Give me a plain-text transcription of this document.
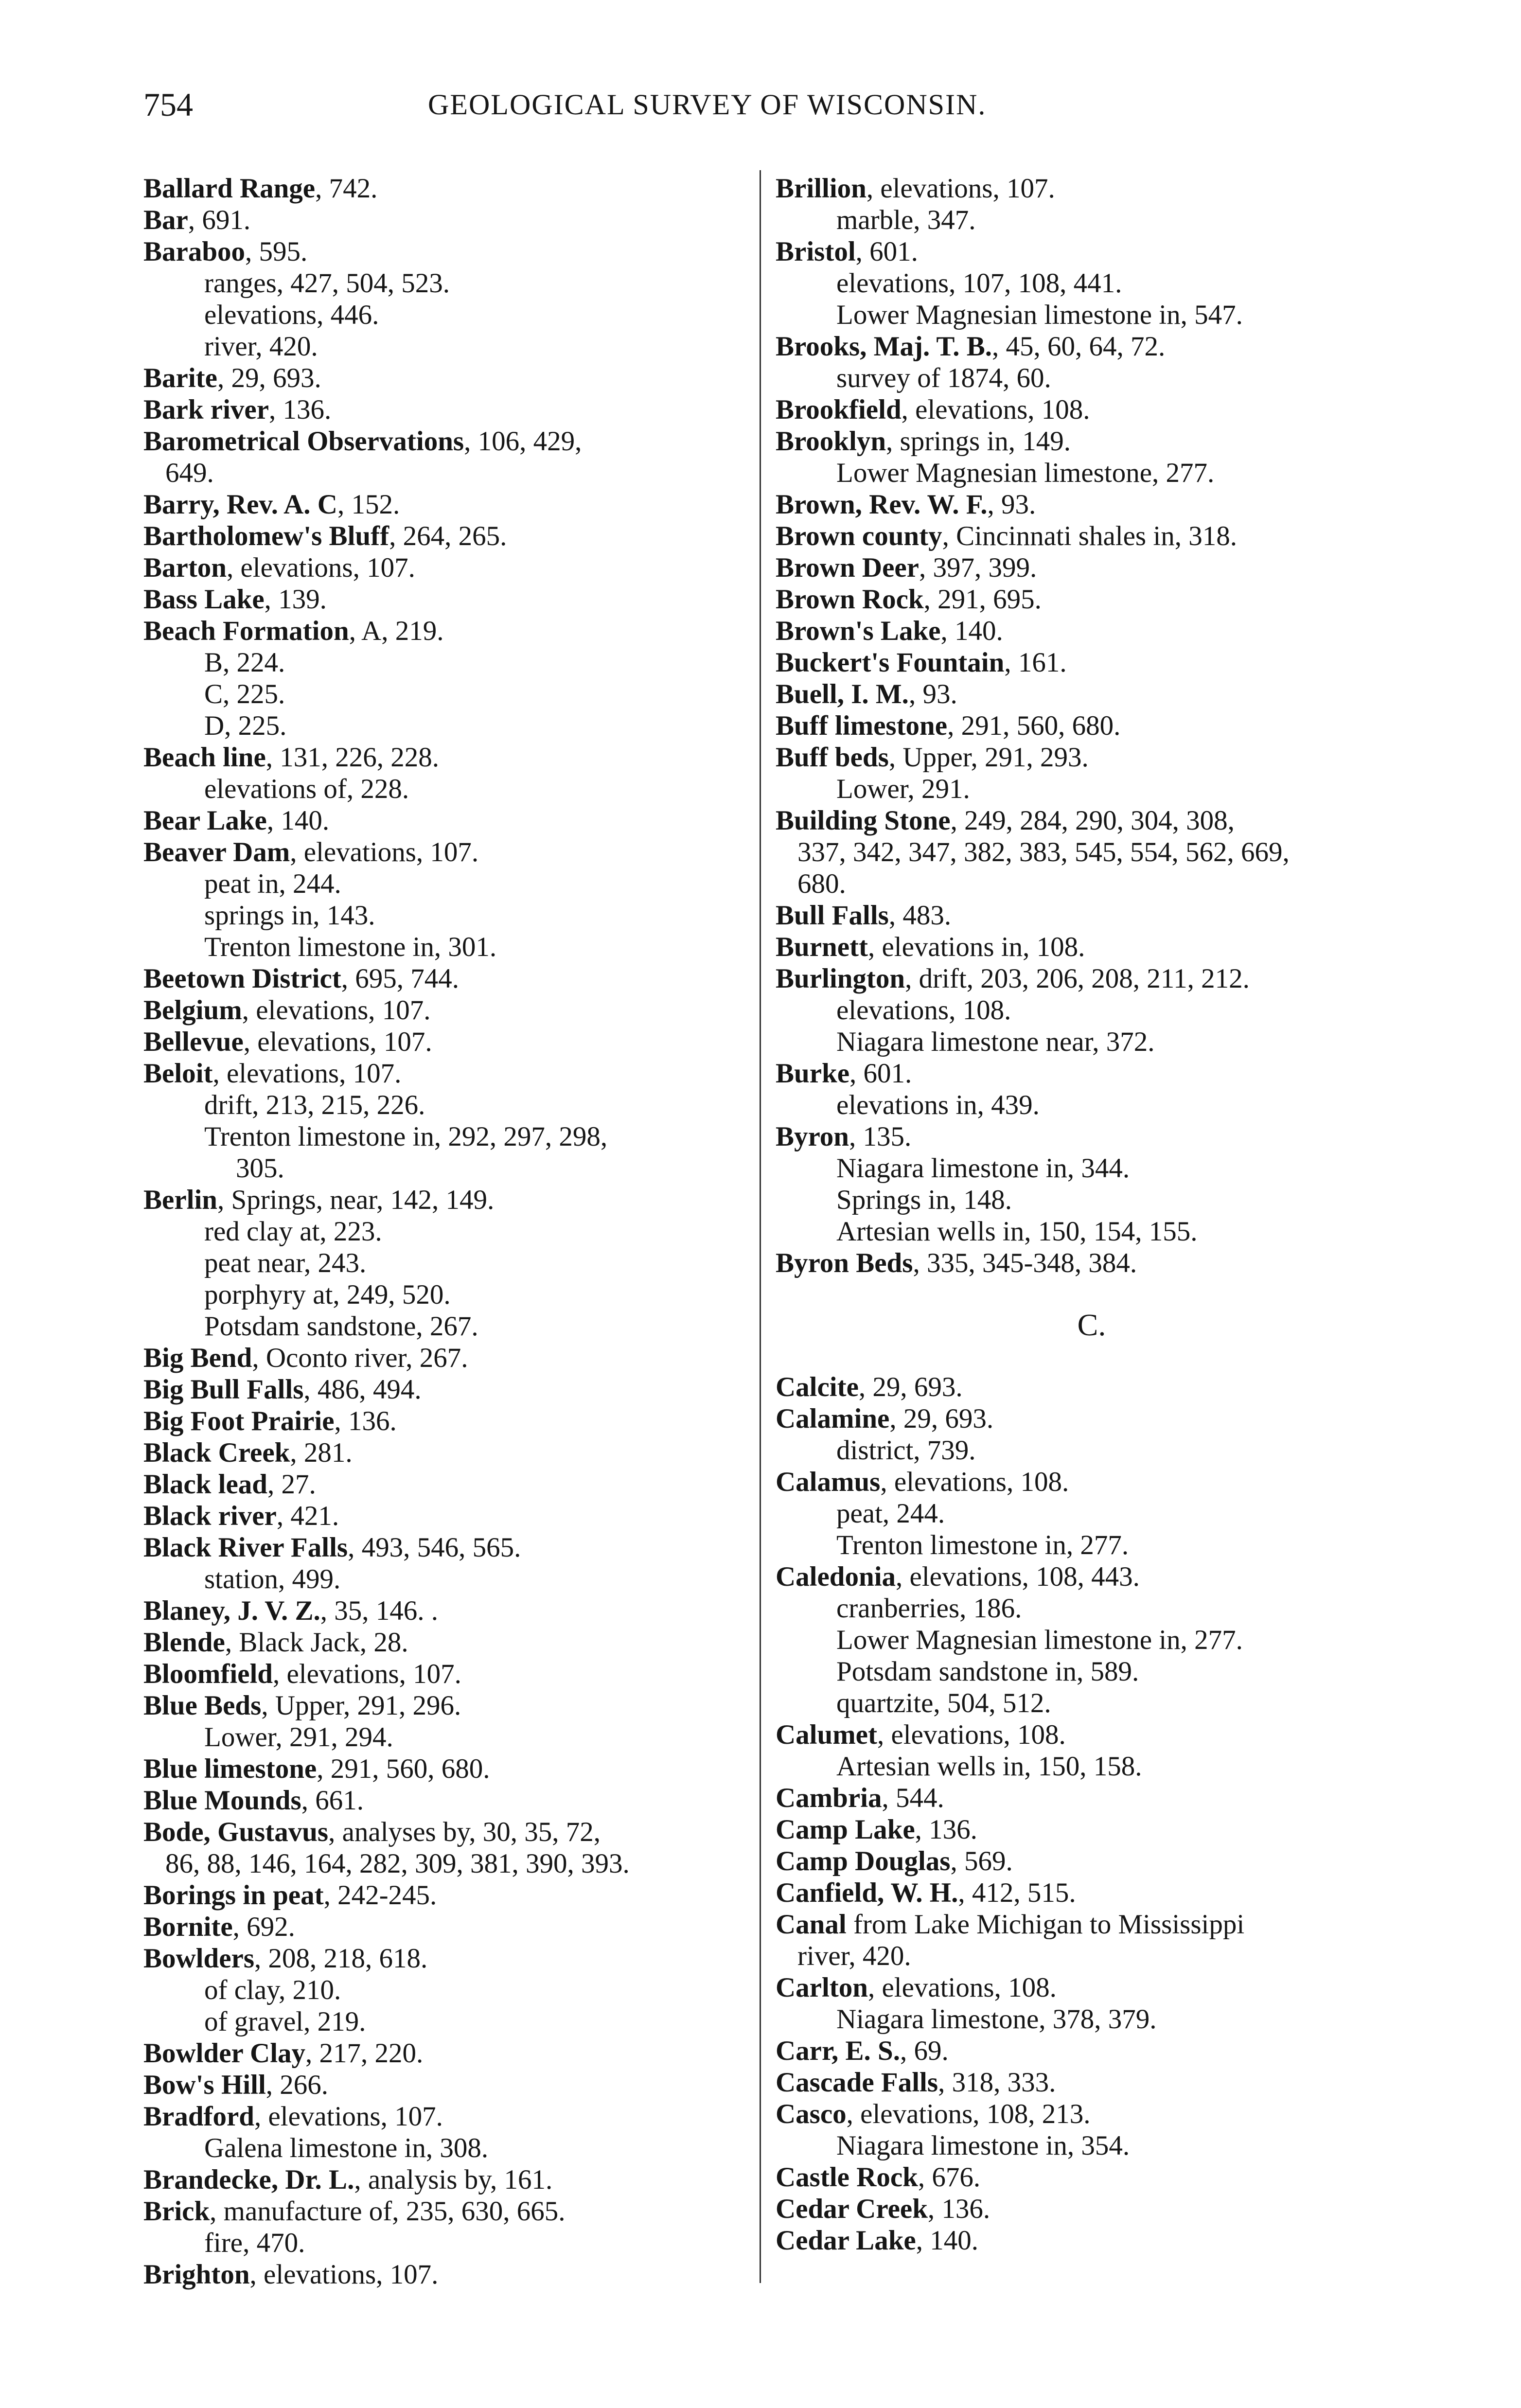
754	GEOLOGICAL SURVEY OF WISCONSIN.
Ballard Range, 742.
Bar, 691.
Baraboo, 595.
ranges, 427, 504, 523.
elevations, 446.
river, 420.
Barite, 29, 693.
Bark river, 136.
Barometrical Observations, 106, 429,
649.
Barry, Rev. A. C, 152.
Bartholomew's Bluff, 264, 265.
Barton, elevations, 107.
Bass Lake, 139.
Beach Formation, A, 219.
B, 224.
C, 225.
D, 225.
Beach line, 131, 226, 228.
elevations of, 228.
Bear Lake, 140.
Beaver Dam, elevations, 107.
peat in, 244.
springs in, 143.
Trenton limestone in, 301.
Beetown District, 695, 744.
Belgium, elevations, 107.
Bellevue, elevations, 107.
Beloit, elevations, 107.
drift, 213, 215, 226.
Trenton limestone in, 292, 297, 298,
305.
Berlin, Springs, near, 142, 149.
red clay at, 223.
peat near, 243.
porphyry at, 249, 520.
Potsdam sandstone, 267.
Big Bend, Oconto river, 267.
Big Bull Falls, 486, 494.
Big Foot Prairie, 136.
Black Creek, 281.
Black lead, 27.
Black river, 421.
Black River Falls, 493, 546, 565.
station, 499.
Blaney, J. V. Z., 35, 146. .
Blende, Black Jack, 28.
Bloomfield, elevations, 107.
Blue Beds, Upper, 291, 296.
Lower, 291, 294.
Blue limestone, 291, 560, 680.
Blue Mounds, 661.
Bode, Gustavus, analyses by, 30, 35, 72,
86, 88, 146, 164, 282, 309, 381, 390, 393.
Borings in peat, 242-245.
Bornite, 692.
Bowlders, 208, 218, 618.
of clay, 210.
of gravel, 219.
Bowlder Clay, 217, 220.
Bow's Hill, 266.
Bradford, elevations, 107.
Galena limestone in, 308.
Brandecke, Dr. L., analysis by, 161.
Brick, manufacture of, 235, 630, 665.
fire, 470.
Brighton, elevations, 107.
Brillion, elevations, 107.
marble, 347.
Bristol, 601.
elevations, 107, 108, 441.
Lower Magnesian limestone in, 547.
Brooks, Maj. T. B., 45, 60, 64, 72.
survey of 1874, 60.
Brookfield, elevations, 108.
Brooklyn, springs in, 149.
Lower Magnesian limestone, 277.
Brown, Rev. W. F., 93.
Brown county, Cincinnati shales in, 318.
Brown Deer, 397, 399.
Brown Rock, 291, 695.
Brown's Lake, 140.
Buckert's Fountain, 161.
Buell, I. M., 93.
Buff limestone, 291, 560, 680.
Buff beds, Upper, 291, 293.
Lower, 291.
Building Stone, 249, 284, 290, 304, 308,
337, 342, 347, 382, 383, 545, 554, 562, 669,
680.
Bull Falls, 483.
Burnett, elevations in, 108.
Burlington, drift, 203, 206, 208, 211, 212.
elevations, 108.
Niagara limestone near, 372.
Burke, 601.
elevations in, 439.
Byron, 135.
Niagara limestone in, 344.
Springs in, 148.
Artesian wells in, 150, 154, 155.
Byron Beds, 335, 345-348, 384.
C.
Calcite, 29, 693.
Calamine, 29, 693.
district, 739.
Calamus, elevations, 108.
peat, 244.
Trenton limestone in, 277.
Caledonia, elevations, 108, 443.
cranberries, 186.
Lower Magnesian limestone in, 277.
Potsdam sandstone in, 589.
quartzite, 504, 512.
Calumet, elevations, 108.
Artesian wells in, 150, 158.
Cambria, 544.
Camp Lake, 136.
Camp Douglas, 569.
Canfield, W. H., 412, 515.
Canal from Lake Michigan to Mississippi
river, 420.
Carlton, elevations, 108.
Niagara limestone, 378, 379.
Carr, E. S., 69.
Cascade Falls, 318, 333.
Casco, elevations, 108, 213.
Niagara limestone in, 354.
Castle Rock, 676.
Cedar Creek, 136.
Cedar Lake, 140.
